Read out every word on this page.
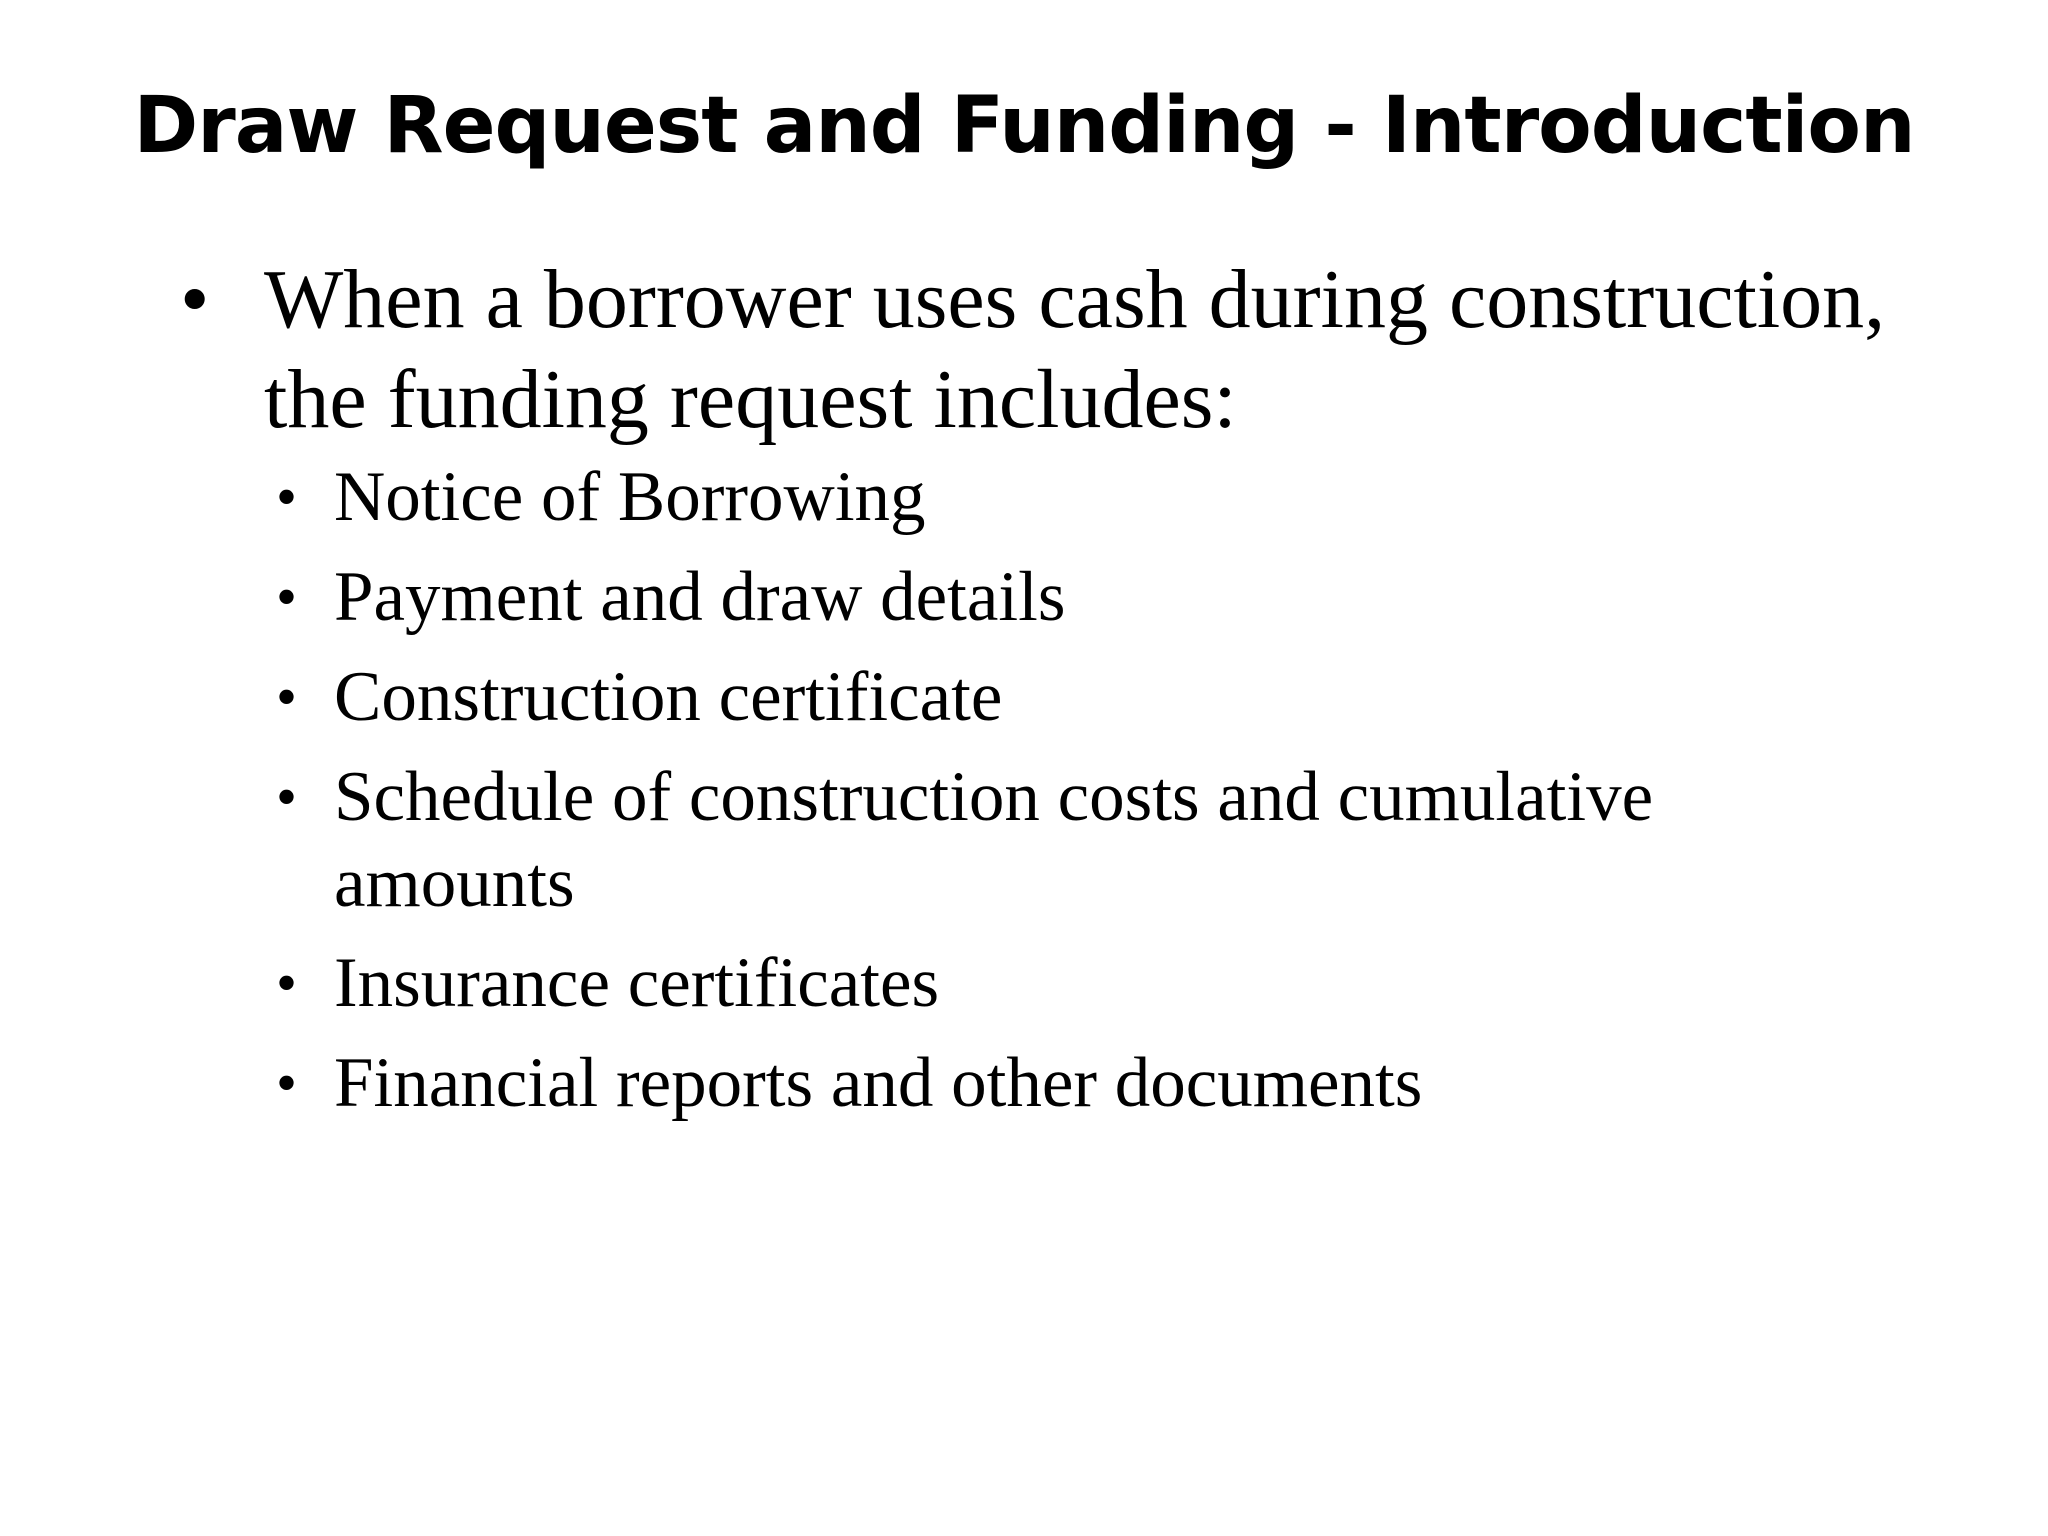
Draw Request and Funding - Introduction
• When a borrower uses cash during construction, the funding request includes:
• Notice of Borrowing
• Payment and draw details
• Construction certificate
• Schedule of construction costs and cumulative amounts
• Insurance certificates
• Financial reports and other documents
